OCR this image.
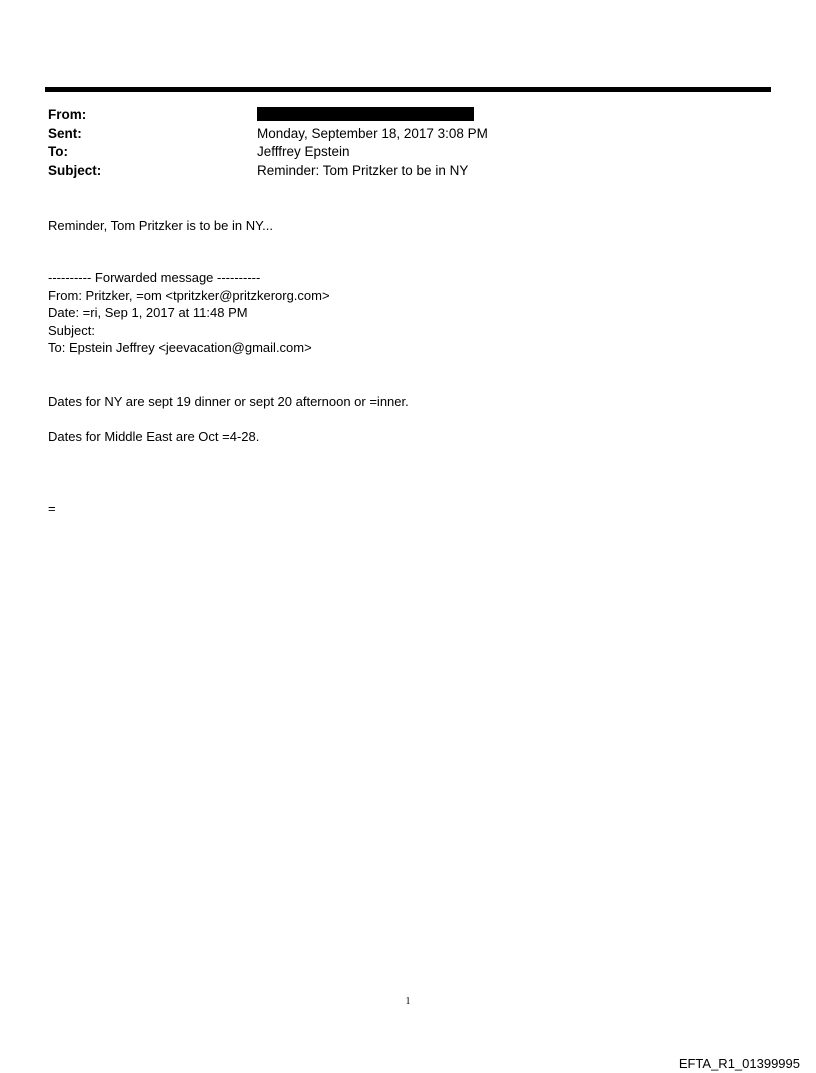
From:
Sent:	Monday, September 18, 2017 3:08 PM
To:	Jefffrey Epstein
Subject:	Reminder: Tom Pritzker to be in NY
Reminder, Tom Pritzker is to be in NY...
---------- Forwarded message ----------
From: Pritzker, =om <tpritzker@pritzkerorg.com>
Date: =ri, Sep 1, 2017 at 11:48 PM
Subject:
To: Epstein Jeffrey <jeevacation@gmail.com>
Dates for NY are sept 19 dinner or sept 20 afternoon or =inner.
Dates for Middle East are Oct =4-28.
=
1
EFTA_R1_01399995
